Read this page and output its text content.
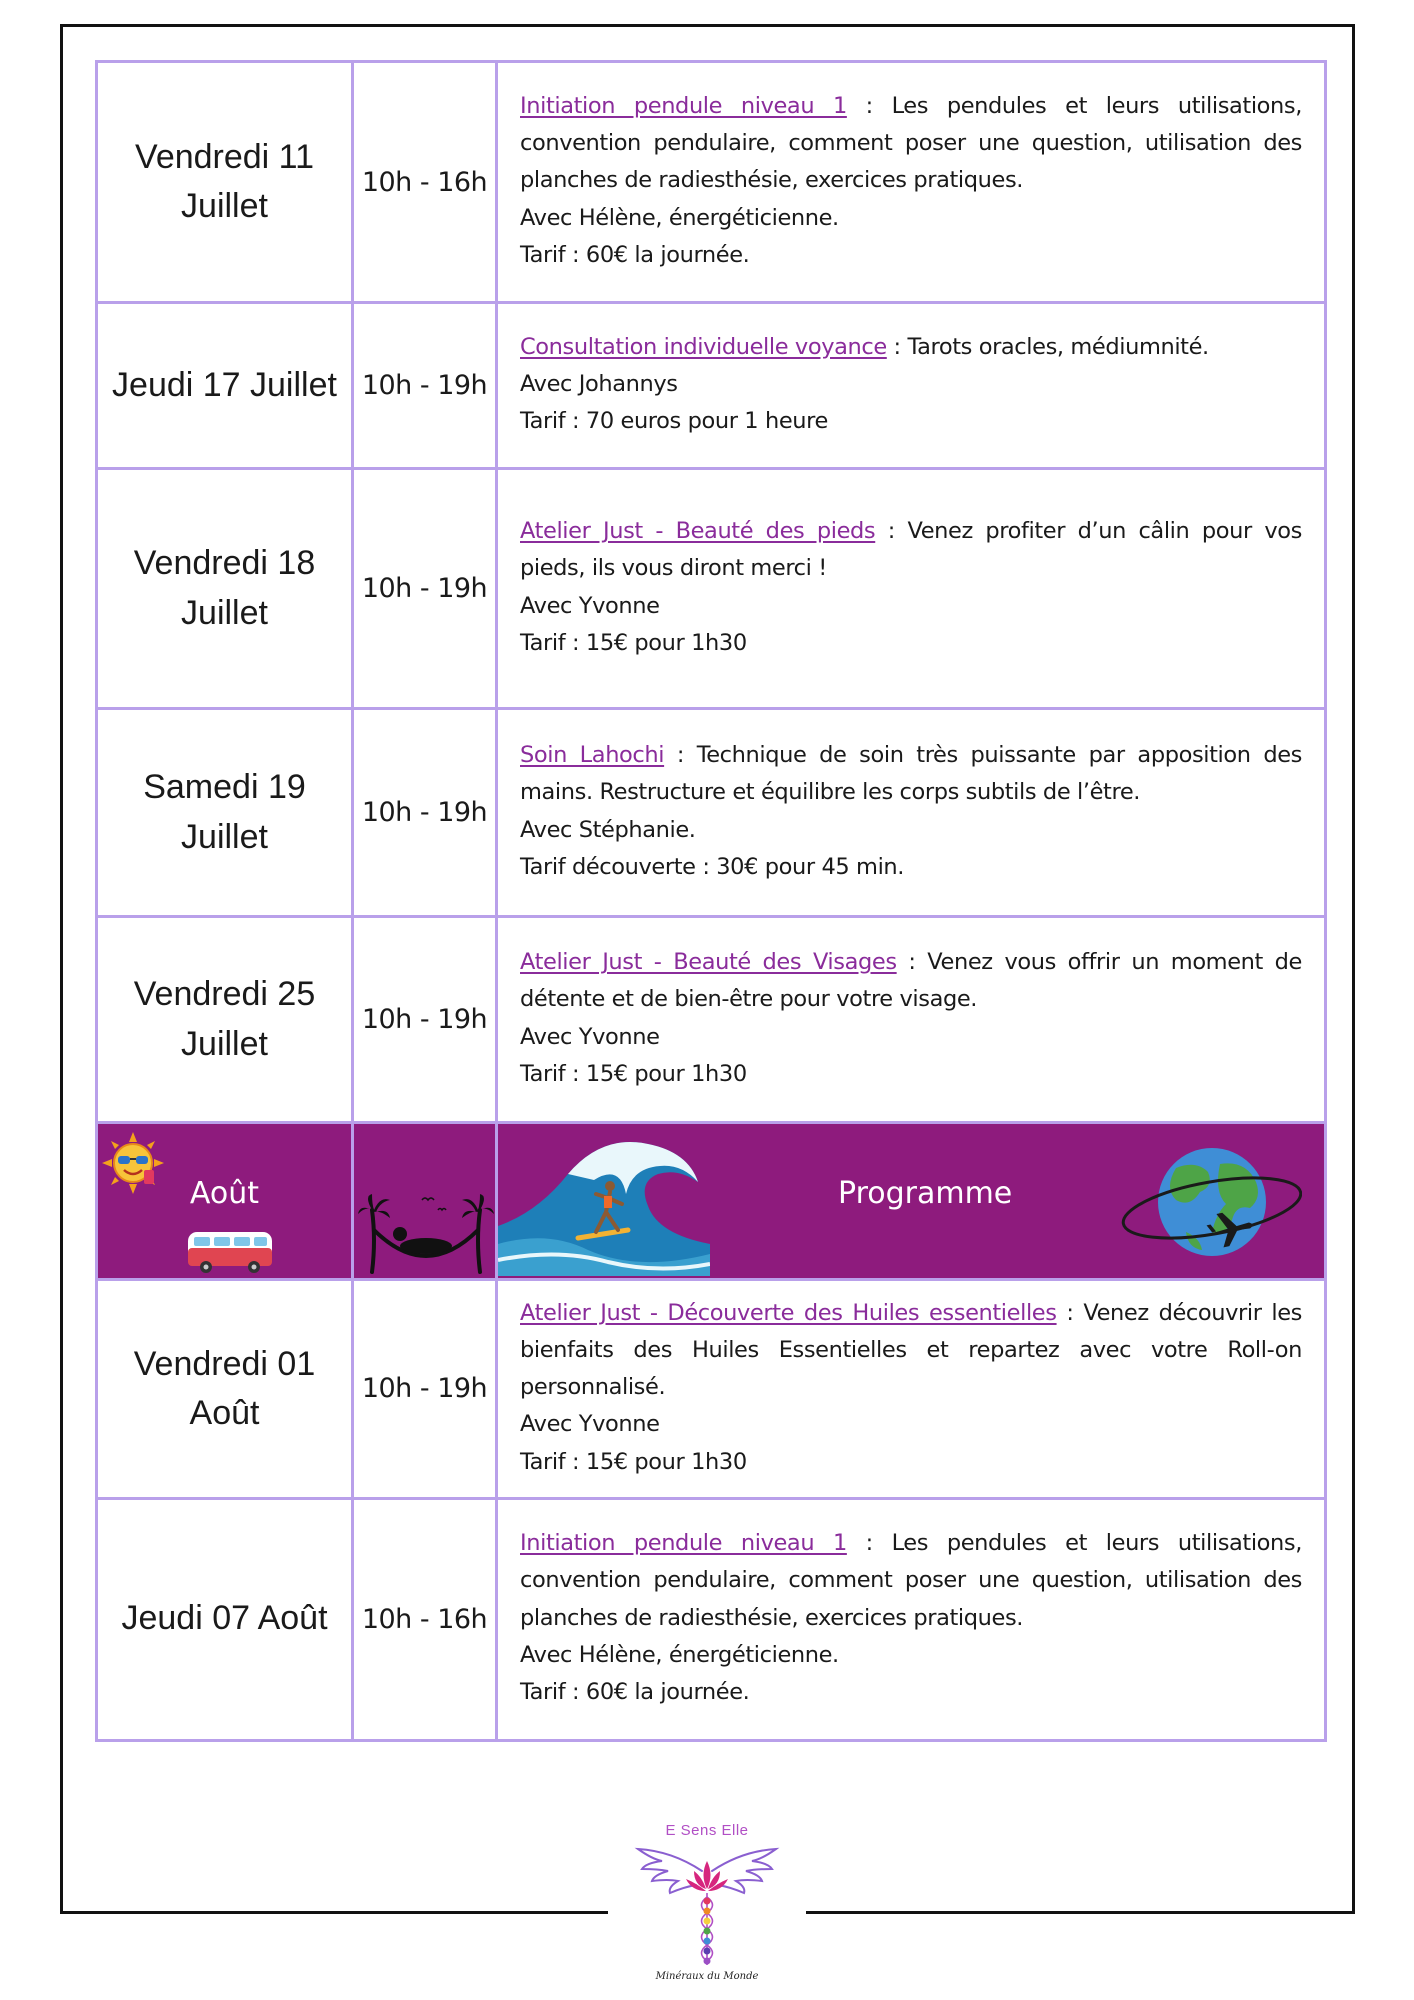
Vendredi 11 Juillet	10h - 16h	Initiation pendule niveau 1 : Les pendules et leurs utilisations, convention pendulaire, comment poser une question, utilisation des planches de radiesthésie, exercices pratiques.
Avec Hélène, énergéticienne.
Tarif : 60€ la journée.

Jeudi 17 Juillet	10h - 19h	Consultation individuelle voyance : Tarots oracles, médiumnité.
Avec Johannys
Tarif : 70 euros pour 1 heure

Vendredi 18 Juillet	10h - 19h	Atelier Just - Beauté des pieds : Venez profiter d’un câlin pour vos pieds, ils vous diront merci !
Avec Yvonne
Tarif : 15€ pour 1h30

Samedi 19 Juillet	10h - 19h	Soin Lahochi : Technique de soin très puissante par apposition des mains. Restructure et équilibre les corps subtils de l’être.
Avec Stéphanie.
Tarif découverte : 30€ pour 45 min.

Vendredi 25 Juillet	10h - 19h	Atelier Just - Beauté des Visages : Venez vous offrir un moment de détente et de bien-être pour votre visage.
Avec Yvonne
Tarif : 15€ pour 1h30

Août		Programme

Vendredi 01 Août	10h - 19h	Atelier Just - Découverte des Huiles essentielles : Venez découvrir les bienfaits des Huiles Essentielles et repartez avec votre Roll-on personnalisé.
Avec Yvonne
Tarif : 15€ pour 1h30

Jeudi 07 Août	10h - 16h	Initiation pendule niveau 1 : Les pendules et leurs utilisations, convention pendulaire, comment poser une question, utilisation des planches de radiesthésie, exercices pratiques.
Avec Hélène, énergéticienne.
Tarif : 60€ la journée.
E Sens Elle
Minéraux du Monde
